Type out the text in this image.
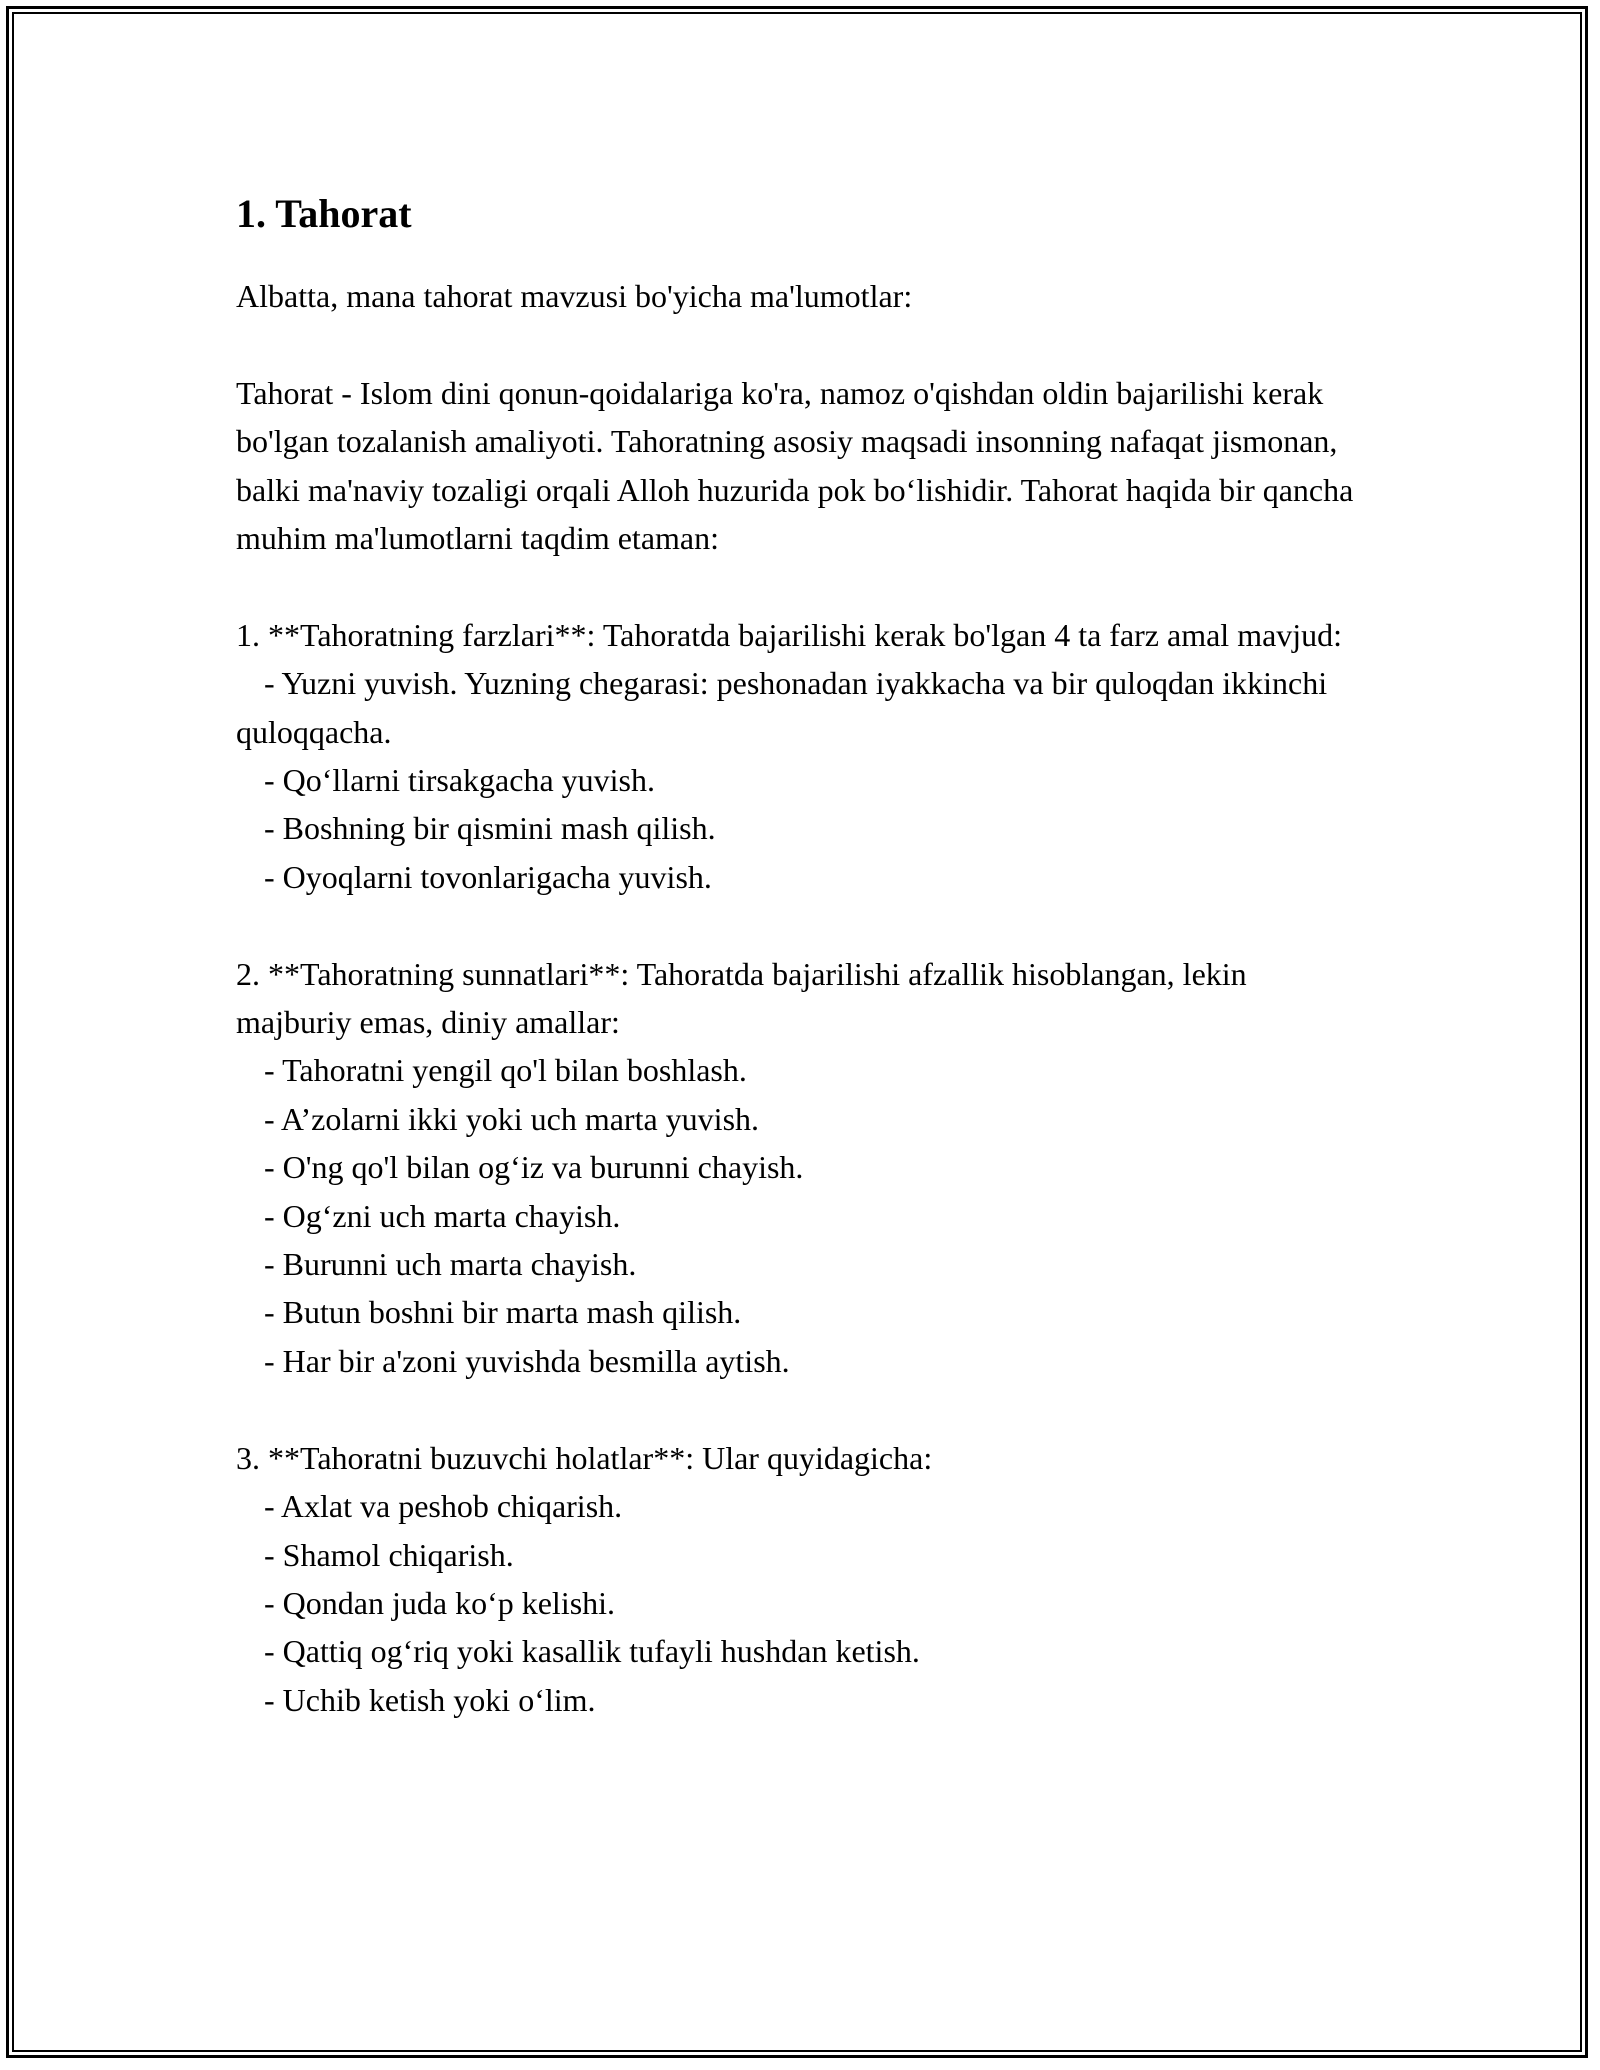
1. Tahorat

Albatta, mana tahorat mavzusi bo'yicha ma'lumotlar:

Tahorat - Islom dini qonun-qoidalariga ko'ra, namoz o'qishdan oldin bajarilishi kerak bo'lgan tozalanish amaliyoti. Tahoratning asosiy maqsadi insonning nafaqat jismonan, balki ma'naviy tozaligi orqali Alloh huzurida pok bo‘lishidir. Tahorat haqida bir qancha muhim ma'lumotlarni taqdim etaman:

1. **Tahoratning farzlari**: Tahoratda bajarilishi kerak bo'lgan 4 ta farz amal mavjud:

- Yuzni yuvish. Yuzning chegarasi: peshonadan iyakkacha va bir quloqdan ikkinchi quloqqacha.

- Qo‘llarni tirsakgacha yuvish.

- Boshning bir qismini mash qilish.

- Oyoqlarni tovonlarigacha yuvish.

2. **Tahoratning sunnatlari**: Tahoratda bajarilishi afzallik hisoblangan, lekin majburiy emas, diniy amallar:

- Tahoratni yengil qo'l bilan boshlash.

- A’zolarni ikki yoki uch marta yuvish.

- O'ng qo'l bilan og‘iz va burunni chayish.

- Og‘zni uch marta chayish.

- Burunni uch marta chayish.

- Butun boshni bir marta mash qilish.

- Har bir a'zoni yuvishda besmilla aytish.

3. **Tahoratni buzuvchi holatlar**: Ular quyidagicha:

- Axlat va peshob chiqarish.

- Shamol chiqarish.

- Qondan juda ko‘p kelishi.

- Qattiq og‘riq yoki kasallik tufayli hushdan ketish.

- Uchib ketish yoki o‘lim.
